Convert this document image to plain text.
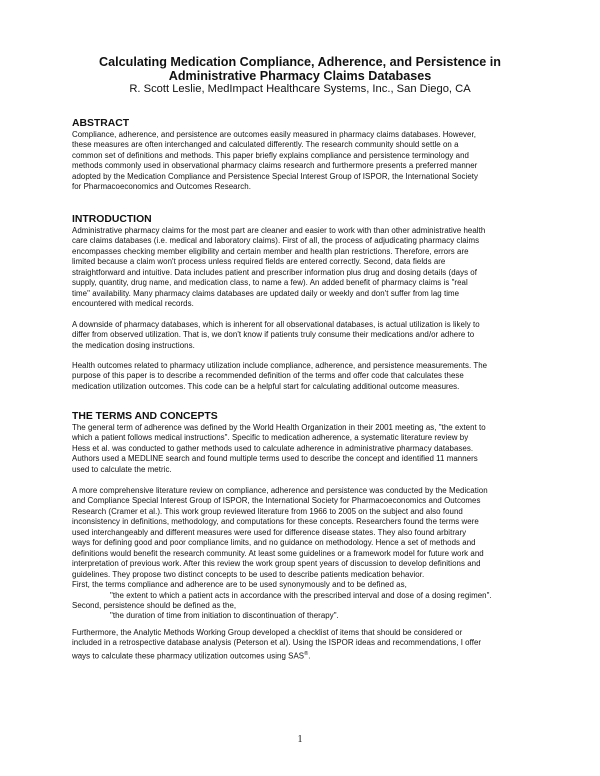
Calculating Medication Compliance, Adherence, and Persistence in
Administrative Pharmacy Claims Databases
R. Scott Leslie, MedImpact Healthcare Systems, Inc., San Diego, CA
ABSTRACT
Compliance, adherence, and persistence are outcomes easily measured in pharmacy claims databases. However,
these measures are often interchanged and calculated differently. The research community should settle on a
common set of definitions and methods. This paper briefly explains compliance and persistence terminology and
methods commonly used in observational pharmacy claims research and furthermore presents a preferred manner
adopted by the Medication Compliance and Persistence Special Interest Group of ISPOR, the International Society
for Pharmacoeconomics and Outcomes Research.
INTRODUCTION
Administrative pharmacy claims for the most part are cleaner and easier to work with than other administrative health
care claims databases (i.e. medical and laboratory claims). First of all, the process of adjudicating pharmacy claims
encompasses checking member eligibility and certain member and health plan restrictions. Therefore, errors are
limited because a claim won't process unless required fields are entered correctly. Second, data fields are
straightforward and intuitive. Data includes patient and prescriber information plus drug and dosing details (days of
supply, quantity, drug name, and medication class, to name a few). An added benefit of pharmacy claims is "real
time" availability. Many pharmacy claims databases are updated daily or weekly and don't suffer from lag time
encountered with medical records.
A downside of pharmacy databases, which is inherent for all observational databases, is actual utilization is likely to
differ from observed utilization. That is, we don't know if patients truly consume their medications and/or adhere to
the medication dosing instructions.
Health outcomes related to pharmacy utilization include compliance, adherence, and persistence measurements. The
purpose of this paper is to describe a recommended definition of the terms and offer code that calculates these
medication utilization outcomes. This code can be a helpful start for calculating additional outcome measures.
THE TERMS AND CONCEPTS
The general term of adherence was defined by the World Health Organization in their 2001 meeting as, "the extent to
which a patient follows medical instructions". Specific to medication adherence, a systematic literature review by
Hess et al. was conducted to gather methods used to calculate adherence in administrative pharmacy databases.
Authors used a MEDLINE search and found multiple terms used to describe the concept and identified 11 manners
used to calculate the metric.
A more comprehensive literature review on compliance, adherence and persistence was conducted by the Medication
and Compliance Special Interest Group of ISPOR, the International Society for Pharmacoeconomics and Outcomes
Research (Cramer et al.). This work group reviewed literature from 1966 to 2005 on the subject and also found
inconsistency in definitions, methodology, and computations for these concepts. Researchers found the terms were
used interchangeably and different measures were used for difference disease states. They also found arbitrary
ways for defining good and poor compliance limits, and no guidance on methodology. Hence a set of methods and
definitions would benefit the research community. At least some guidelines or a framework model for future work and
interpretation of previous work. After this review the work group spent years of discussion to develop definitions and
guidelines. They propose two distinct concepts to be used to describe patients medication behavior.
First, the terms compliance and adherence are to be used synonymously and to be defined as,
"the extent to which a patient acts in accordance with the prescribed interval and dose of a dosing regimen".
Second, persistence should be defined as the,
"the duration of time from initiation to discontinuation of therapy".
Furthermore, the Analytic Methods Working Group developed a checklist of items that should be considered or
included in a retrospective database analysis (Peterson et al). Using the ISPOR ideas and recommendations, I offer
ways to calculate these pharmacy utilization outcomes using SAS®.
1
